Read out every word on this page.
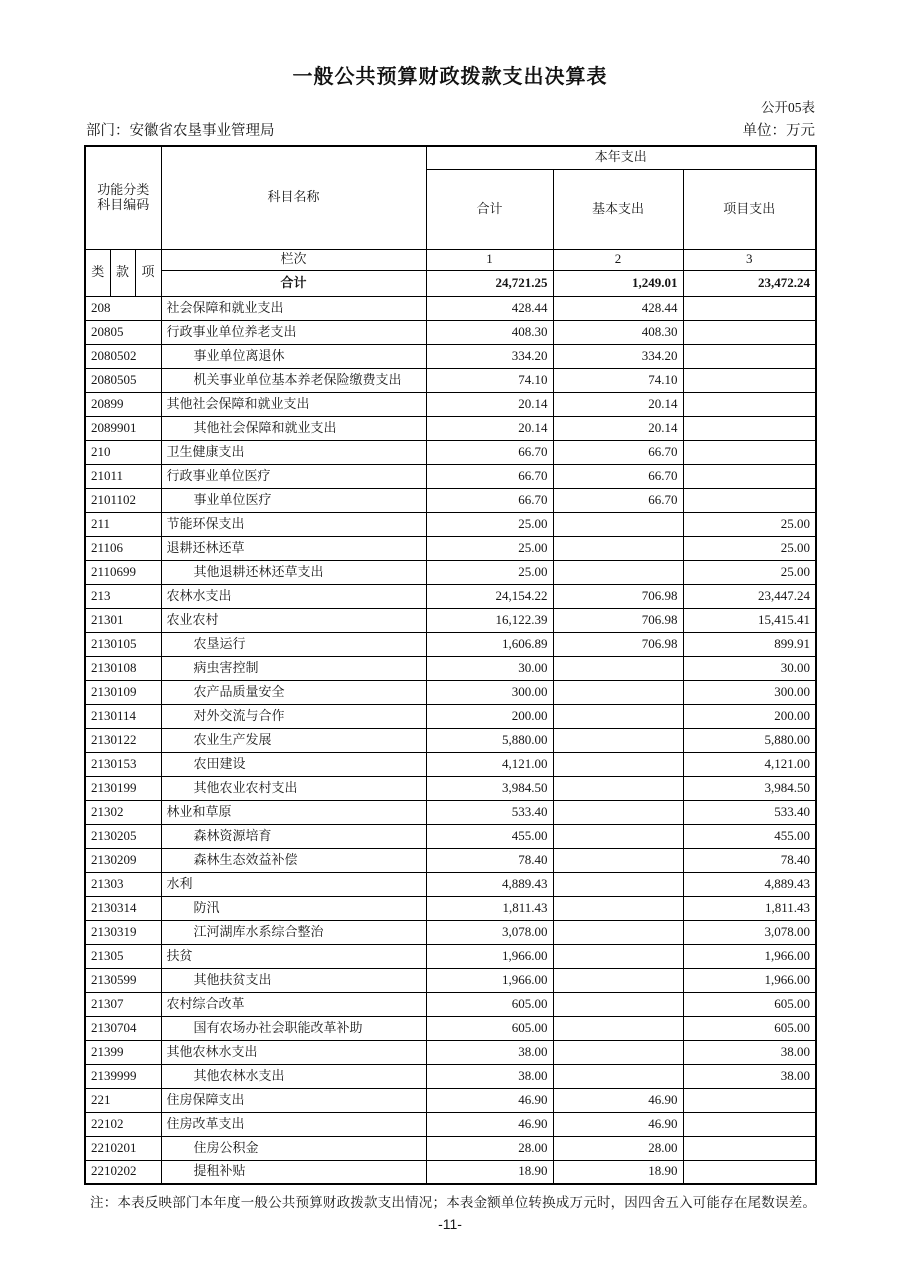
一般公共预算财政拨款支出决算表
公开05表
部门：安徽省农垦事业管理局	单位：万元
功能分类
科目编码			科目名称	本年支出		
				合计	基本支出	项目支出
类	款	项	栏次	1	2	3
			合计	24,721.25	1,249.01	23,472.24
208			社会保障和就业支出	428.44	428.44	
20805			行政事业单位养老支出	408.30	408.30	
2080502			事业单位离退休	334.20	334.20	
2080505			机关事业单位基本养老保险缴费支出	74.10	74.10	
20899			其他社会保障和就业支出	20.14	20.14	
2089901			其他社会保障和就业支出	20.14	20.14	
210			卫生健康支出	66.70	66.70	
21011			行政事业单位医疗	66.70	66.70	
2101102			事业单位医疗	66.70	66.70	
211			节能环保支出	25.00		25.00
21106			退耕还林还草	25.00		25.00
2110699			其他退耕还林还草支出	25.00		25.00
213			农林水支出	24,154.22	706.98	23,447.24
21301			农业农村	16,122.39	706.98	15,415.41
2130105			农垦运行	1,606.89	706.98	899.91
2130108			病虫害控制	30.00		30.00
2130109			农产品质量安全	300.00		300.00
2130114			对外交流与合作	200.00		200.00
2130122			农业生产发展	5,880.00		5,880.00
2130153			农田建设	4,121.00		4,121.00
2130199			其他农业农村支出	3,984.50		3,984.50
21302			林业和草原	533.40		533.40
2130205			森林资源培育	455.00		455.00
2130209			森林生态效益补偿	78.40		78.40
21303			水利	4,889.43		4,889.43
2130314			防汛	1,811.43		1,811.43
2130319			江河湖库水系综合整治	3,078.00		3,078.00
21305			扶贫	1,966.00		1,966.00
2130599			其他扶贫支出	1,966.00		1,966.00
21307			农村综合改革	605.00		605.00
2130704			国有农场办社会职能改革补助	605.00		605.00
21399			其他农林水支出	38.00		38.00
2139999			其他农林水支出	38.00		38.00
221			住房保障支出	46.90	46.90	
22102			住房改革支出	46.90	46.90	
2210201			住房公积金	28.00	28.00	
2210202			提租补贴	18.90	18.90	
注：本表反映部门本年度一般公共预算财政拨款支出情况；本表金额单位转换成万元时，因四舍五入可能存在尾数误差。
-11-
